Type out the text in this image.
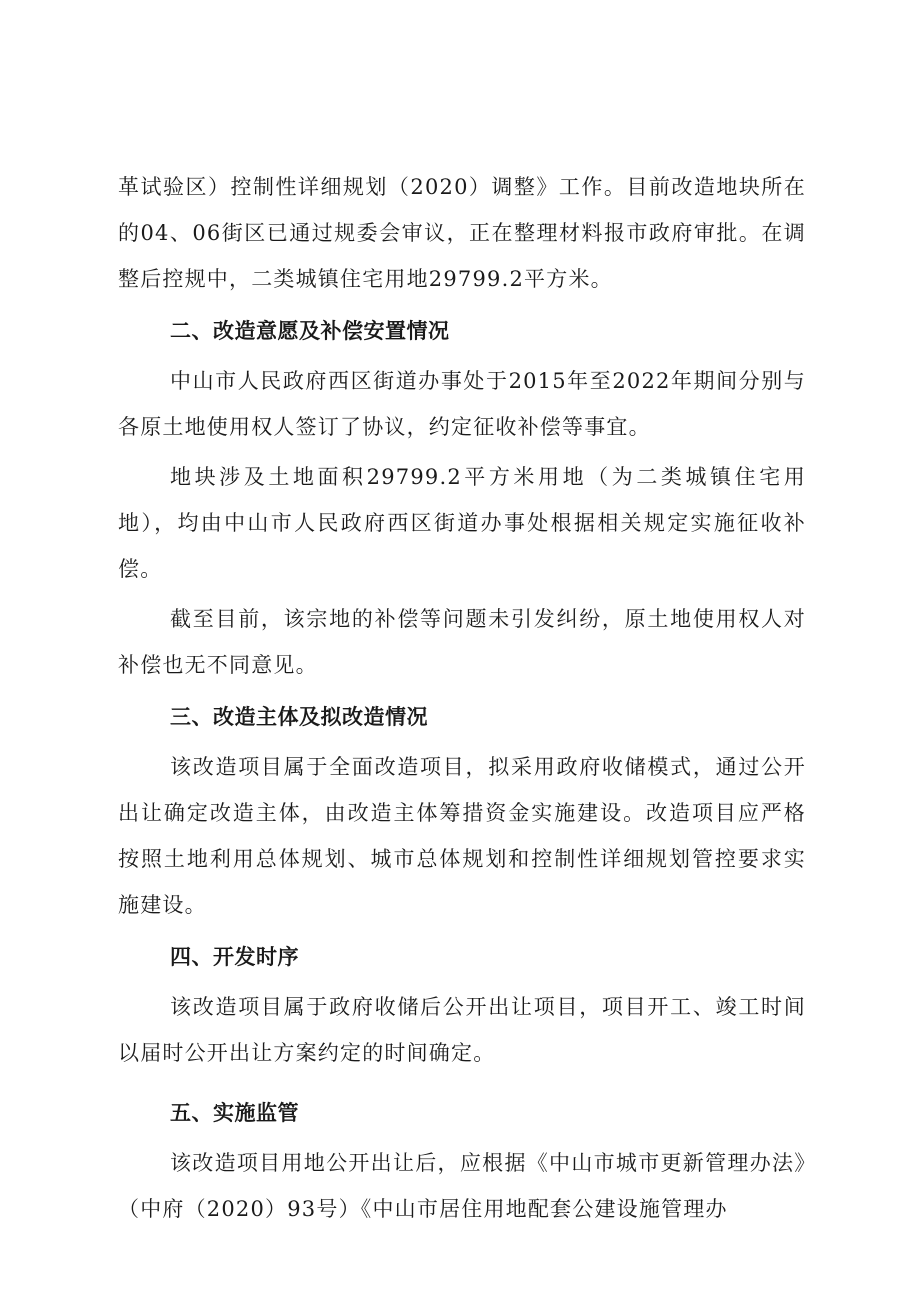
革试验区）控制性详细规划（2020）调整》工作。目前改造地块所在的04、06街区已通过规委会审议，正在整理材料报市政府审批。在调整后控规中，二类城镇住宅用地29799.2平方米。

二、改造意愿及补偿安置情况

中山市人民政府西区街道办事处于2015年至2022年期间分别与各原土地使用权人签订了协议，约定征收补偿等事宜。

地块涉及土地面积29799.2平方米用地（为二类城镇住宅用地），均由中山市人民政府西区街道办事处根据相关规定实施征收补偿。

截至目前，该宗地的补偿等问题未引发纠纷，原土地使用权人对补偿也无不同意见。

三、改造主体及拟改造情况

该改造项目属于全面改造项目，拟采用政府收储模式，通过公开出让确定改造主体，由改造主体筹措资金实施建设。改造项目应严格按照土地利用总体规划、城市总体规划和控制性详细规划管控要求实施建设。

四、开发时序

该改造项目属于政府收储后公开出让项目，项目开工、竣工时间以届时公开出让方案约定的时间确定。

五、实施监管

该改造项目用地公开出让后，应根据《中山市城市更新管理办法》（中府（2020）93号）《中山市居住用地配套公建设施管理办
